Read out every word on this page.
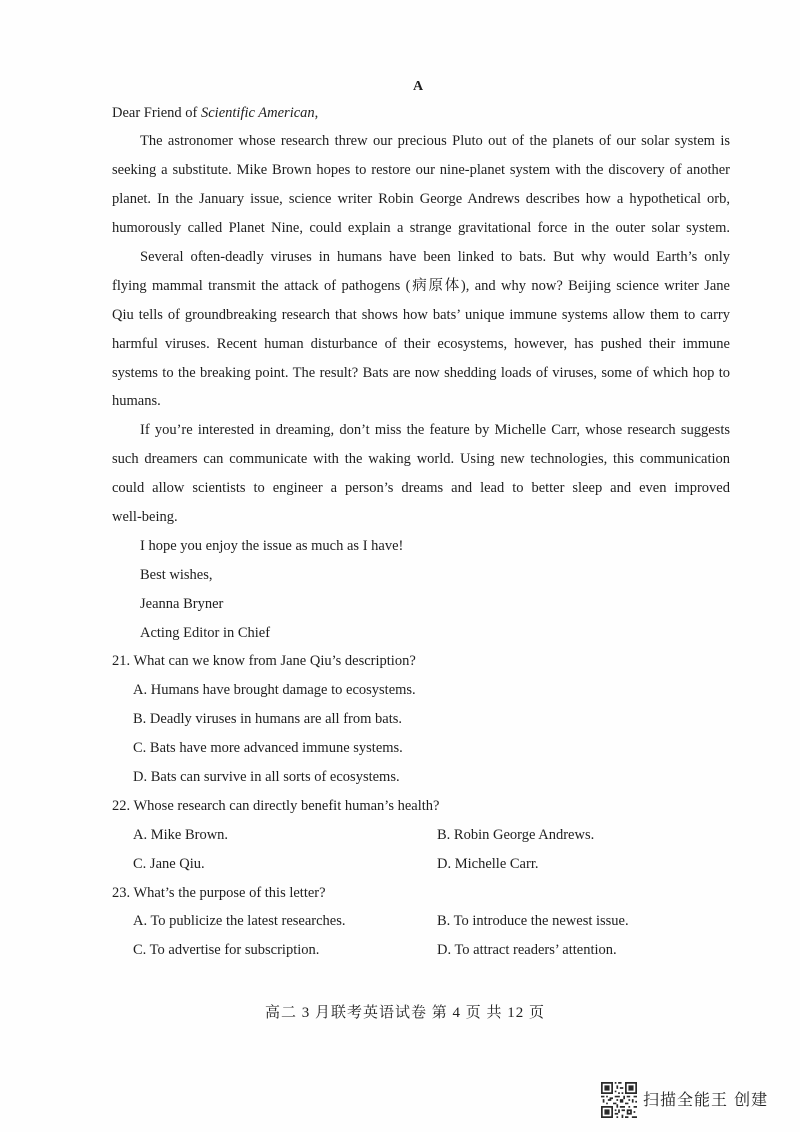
A
Dear Friend of Scientific American,
The astronomer whose research threw our precious Pluto out of the planets of our solar system is
seeking a substitute. Mike Brown hopes to restore our nine-planet system with the discovery of another
planet. In the January issue, science writer Robin George Andrews describes how a hypothetical orb,
humorously called Planet Nine, could explain a strange gravitational force in the outer solar system.
Several often-deadly viruses in humans have been linked to bats. But why would Earth’s only
flying mammal transmit the attack of pathogens (病原体), and why now? Beijing science writer Jane
Qiu tells of groundbreaking research that shows how bats’ unique immune systems allow them to carry
harmful viruses. Recent human disturbance of their ecosystems, however, has pushed their immune
systems to the breaking point. The result? Bats are now shedding loads of viruses, some of which hop to
humans.
If you’re interested in dreaming, don’t miss the feature by Michelle Carr, whose research suggests
such dreamers can communicate with the waking world. Using new technologies, this communication
could allow scientists to engineer a person’s dreams and lead to better sleep and even improved
well-being.
I hope you enjoy the issue as much as I have!
Best wishes,
Jeanna Bryner
Acting Editor in Chief
21. What can we know from Jane Qiu’s description?
A. Humans have brought damage to ecosystems.
B. Deadly viruses in humans are all from bats.
C. Bats have more advanced immune systems.
D. Bats can survive in all sorts of ecosystems.
22. Whose research can directly benefit human’s health?
A. Mike Brown.	B. Robin George Andrews.
C. Jane Qiu.	D. Michelle Carr.
23. What’s the purpose of this letter?
A. To publicize the latest researches.	B. To introduce the newest issue.
C. To advertise for subscription.	D. To attract readers’ attention.
高二 3 月联考英语试卷 第 4 页 共 12 页
扫描全能王 创建
